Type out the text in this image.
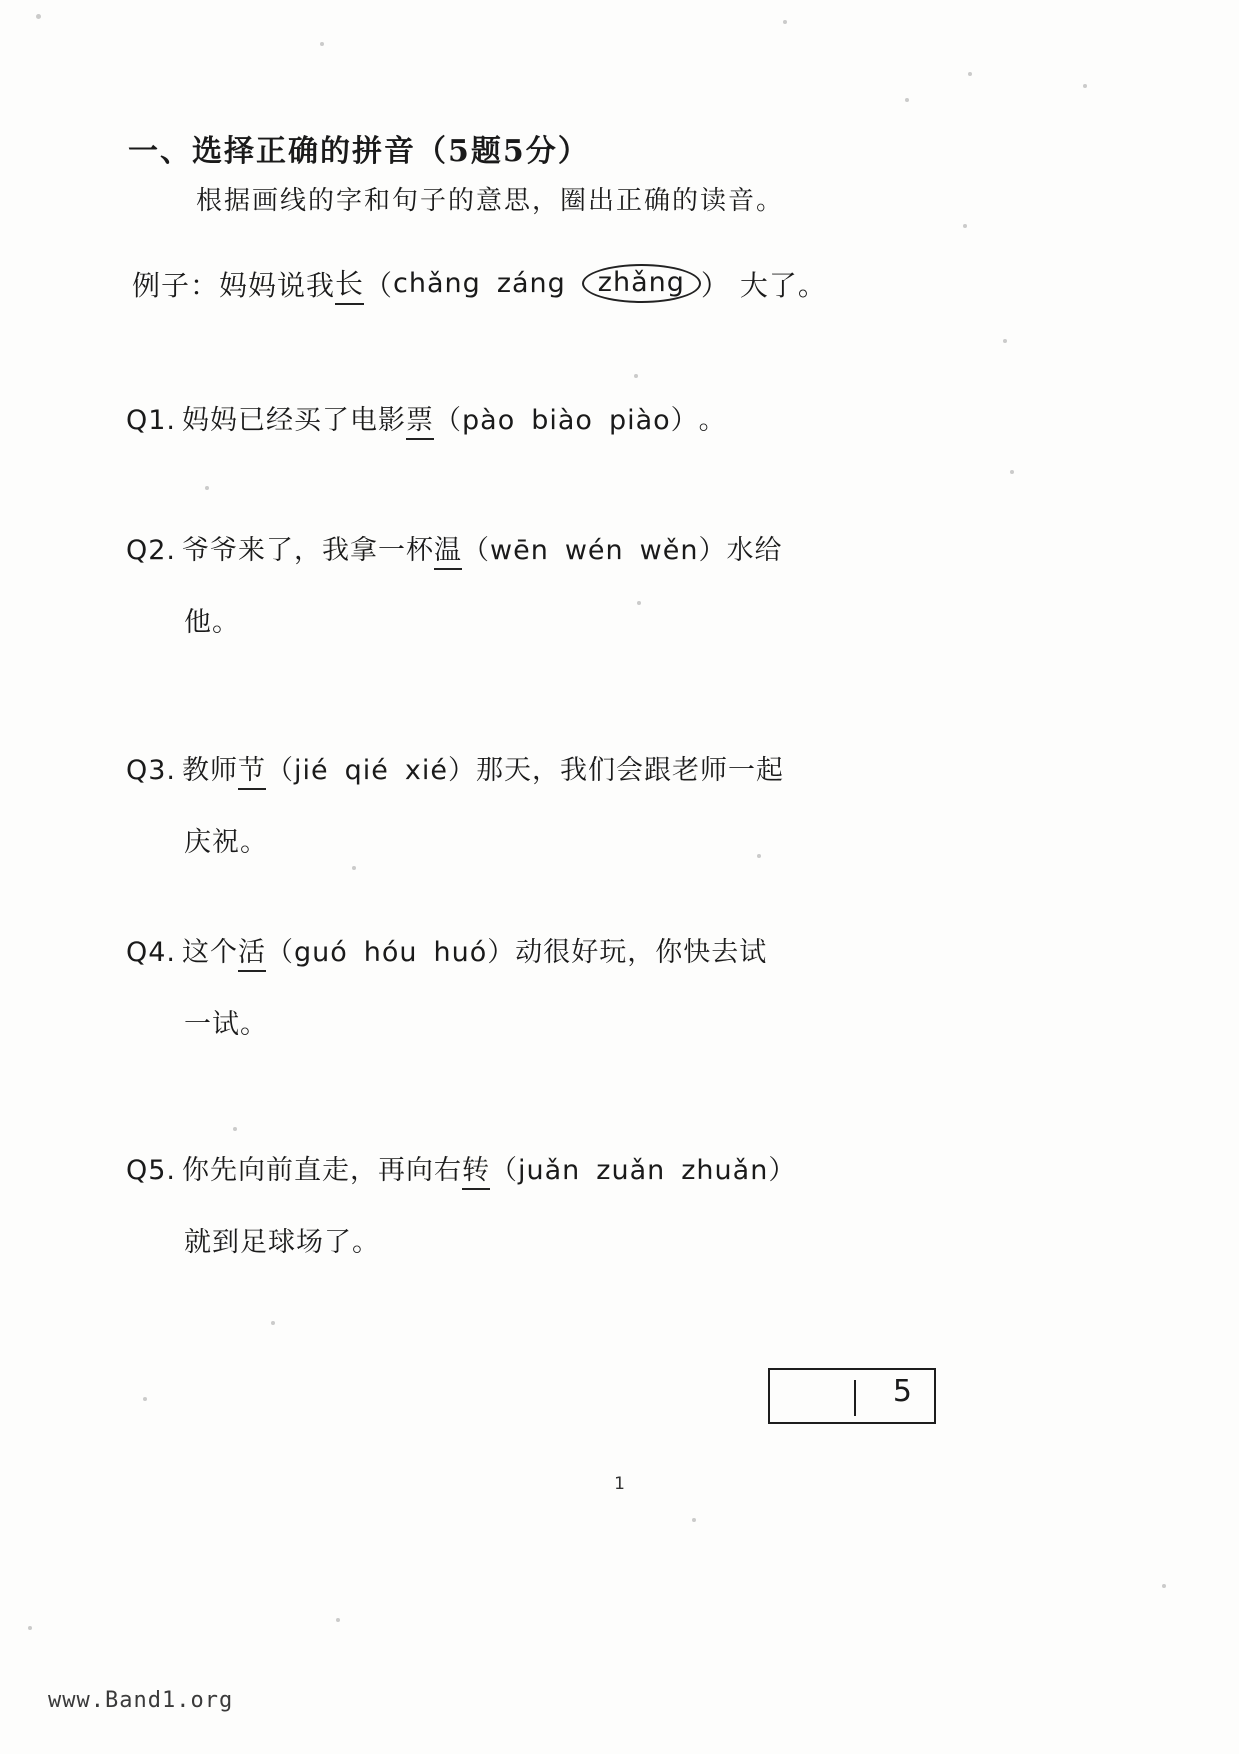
一、选择正确的拼音（5题5分）
根据画线的字和句子的意思，圈出正确的读音。
例子：妈妈说我 长 （ chǎng záng	zhǎng ） 大了。
Q1. 妈妈已经买了电影 票 （ pào biào piào ） 。
Q2. 爷爷来了，我拿一杯 温 （ wēn wén wěn ） 水给
他。
Q3. 教师 节 （ jié qié xié ） 那天，我们会跟老师一起
庆祝。
Q4. 这个 活 （ guó hóu huó ） 动很好玩，你快去试
一试。
Q5. 你先向前直走，再向右 转 （ juǎn zuǎn zhuǎn ）
就到足球场了。
5
1
www.Band1.org
